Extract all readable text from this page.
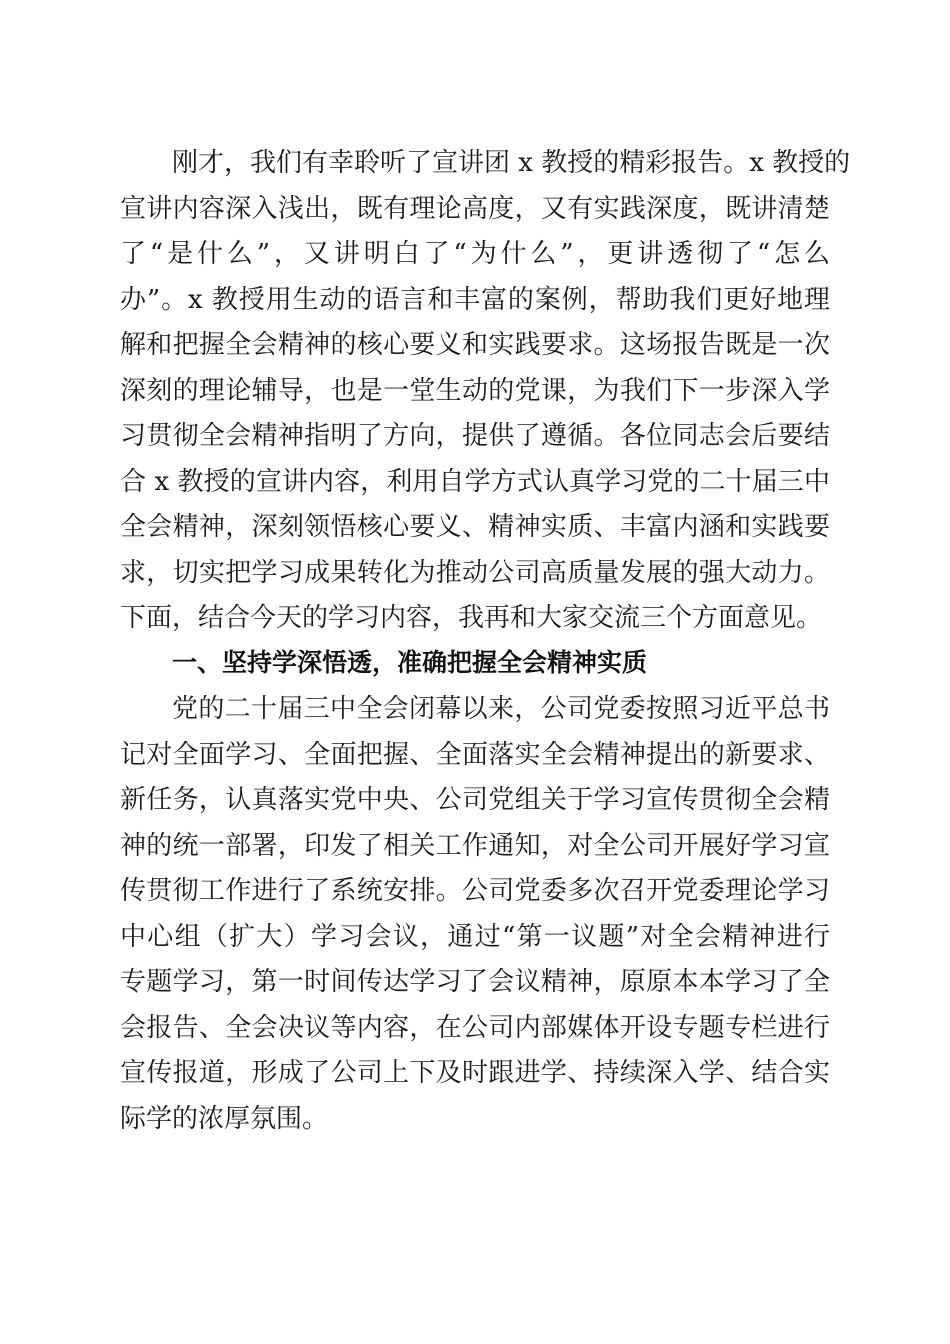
刚才，我们有幸聆听了宣讲团 x 教授的精彩报告。x 教授的

宣讲内容深入浅出，既有理论高度，又有实践深度，既讲清楚

了“是什么”，又讲明白了“为什么”，更讲透彻了“怎么

办”。x 教授用生动的语言和丰富的案例，帮助我们更好地理

解和把握全会精神的核心要义和实践要求。这场报告既是一次

深刻的理论辅导，也是一堂生动的党课，为我们下一步深入学

习贯彻全会精神指明了方向，提供了遵循。各位同志会后要结

合 x 教授的宣讲内容，利用自学方式认真学习党的二十届三中

全会精神，深刻领悟核心要义、精神实质、丰富内涵和实践要

求，切实把学习成果转化为推动公司高质量发展的强大动力。

下面，结合今天的学习内容，我再和大家交流三个方面意见。

一、坚持学深悟透，准确把握全会精神实质

党的二十届三中全会闭幕以来，公司党委按照习近平总书

记对全面学习、全面把握、全面落实全会精神提出的新要求、

新任务，认真落实党中央、公司党组关于学习宣传贯彻全会精

神的统一部署，印发了相关工作通知，对全公司开展好学习宣

传贯彻工作进行了系统安排。公司党委多次召开党委理论学习

中心组（扩大）学习会议，通过“第一议题”对全会精神进行

专题学习，第一时间传达学习了会议精神，原原本本学习了全

会报告、全会决议等内容，在公司内部媒体开设专题专栏进行

宣传报道，形成了公司上下及时跟进学、持续深入学、结合实

际学的浓厚氛围。
